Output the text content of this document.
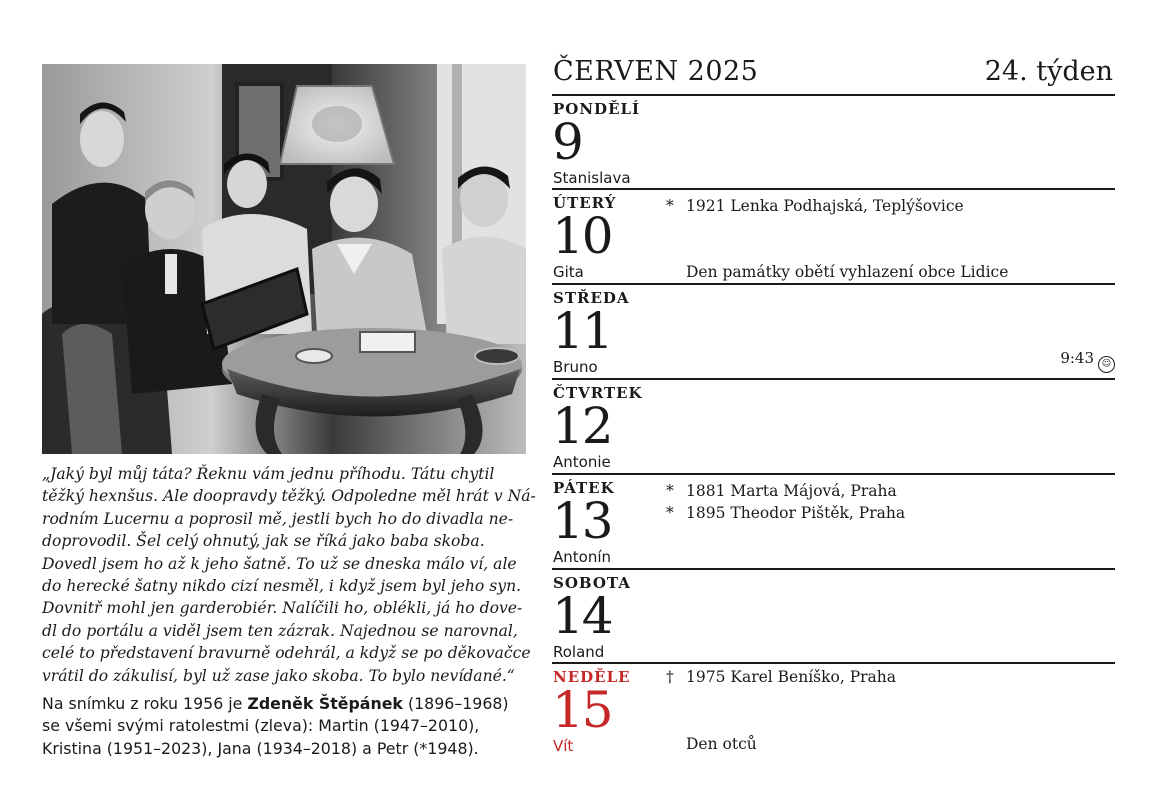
„Jaký byl můj táta? Řeknu vám jednu příhodu. Tátu chytil
těžký hexnšus. Ale doopravdy těžký. Odpoledne měl hrát v Ná-
rodním Lucernu a poprosil mě, jestli bych ho do divadla ne-
doprovodil. Šel celý ohnutý, jak se říká jako baba skoba.
Dovedl jsem ho až k jeho šatně. To už se dneska málo ví, ale
do herecké šatny nikdo cizí nesměl, i když jsem byl jeho syn.
Dovnitř mohl jen garderobiér. Nalíčili ho, oblékli, já ho dove-
dl do portálu a viděl jsem ten zázrak. Najednou se narovnal,
celé to představení bravurně odehrál, a když se po děkovačce
vrátil do zákulisí, byl už zase jako skoba. To bylo nevídané.“
Na snímku z roku 1956 je Zdeněk Štěpánek (1896–1968)
se všemi svými ratolestmi (zleva): Martin (1947–2010),
Kristina (1951–2023), Jana (1934–2018) a Petr (*1948).
ČERVEN 2025	24. týden
PONDĚLÍ
9
Stanislava
ÚTERÝ
10
Gita
* 1921 Lenka Podhajská, Teplýšovice
Den památky obětí vyhlazení obce Lidice
STŘEDA
11
Bruno	9:43 ☺
ČTVRTEK
12
Antonie
PÁTEK
13
Antonín
* 1881 Marta Májová, Praha
* 1895 Theodor Pištěk, Praha
SOBOTA
14
Roland
NEDĚLE
15
Vít
† 1975 Karel Beníško, Praha
Den otců
